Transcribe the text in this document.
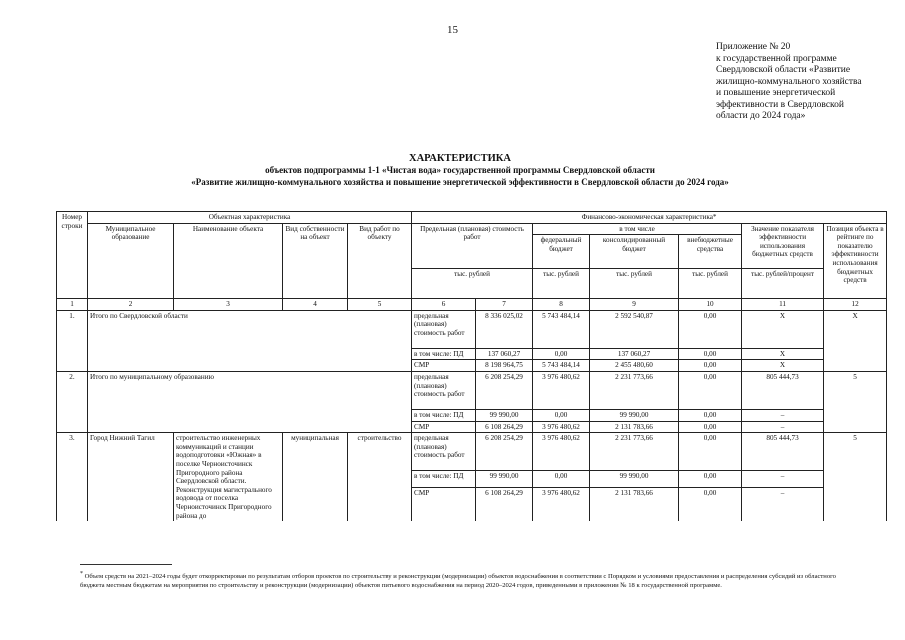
15
Приложение № 20
к государственной программе
Свердловской области «Развитие
жилищно-коммунального хозяйства
и повышение энергетической
эффективности в Свердловской
области до 2024 года»
ХАРАКТЕРИСТИКА
объектов подпрограммы 1-1 «Чистая вода» государственной программы Свердловской области
«Развитие жилищно-коммунального хозяйства и повышение энергетической эффективности в Свердловской области до 2024 года»
Номер строки	Объектная характеристика				Финансово-экономическая характеристика*						
	Муниципальное образование	Наименование объекта	Вид собственности на объект	Вид работ по объекту	Предельная (плановая) стоимость работ		в том числе			Значение показателя эффективности использования бюджетных средств	Позиция объекта в рейтинге по показателю эффективности использования бюджетных средств
							федеральный бюджет	консолидированный бюджет	внебюджетные средства		
					тыс. рублей		тыс. рублей	тыс. рублей	тыс. рублей	тыс. рублей/процент	
1	2	3	4	5	6	7	8	9	10	11	12
1.	Итого по Свердловской области				предельная (плановая) стоимость работ	8 336 025,02	5 743 484,14	2 592 540,87	0,00	X	X
					в том числе: ПД	137 060,27	0,00	137 060,27	0,00	X	
					СМР	8 198 964,75	5 743 484,14	2 455 480,60	0,00	X	
2.	Итого по муниципальному образованию				предельная (плановая) стоимость работ	6 208 254,29	3 976 480,62	2 231 773,66	0,00	805 444,73	5
					в том числе: ПД	99 990,00	0,00	99 990,00	0,00	–	
					СМР	6 108 264,29	3 976 480,62	2 131 783,66	0,00	–	
3.	Город Нижний Тагил	строительство инженерных коммуникаций и станции водоподготовки «Южная» в поселке Черноисточинск Пригородного района Свердловской области. Реконструкция магистрального водовода от поселка Черноисточинск Пригородного района до	муниципальная	строительство	предельная (плановая) стоимость работ	6 208 254,29	3 976 480,62	2 231 773,66	0,00	805 444,73	5
					в том числе: ПД	99 990,00	0,00	99 990,00	0,00	–	
					СМР	6 108 264,29	3 976 480,62	2 131 783,66	0,00	–	
* Объем средств на 2021–2024 годы будет откорректирован по результатам отборов проектов по строительству и реконструкции (модернизации) объектов водоснабжения в соответствии с Порядком и условиями предоставления и распределения субсидий из областного бюджета местным бюджетам на мероприятия по строительству и реконструкции (модернизации) объектов питьевого водоснабжения на период 2020–2024 годов, приведенными в приложении № 18 к государственной программе.
